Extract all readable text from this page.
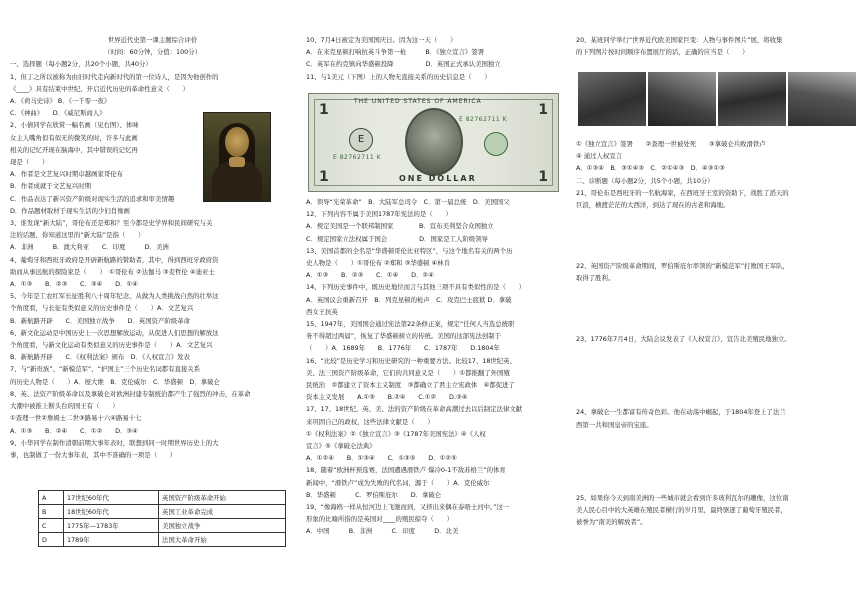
世界近代史第一课主题综合评价
（时间：60分钟，分值：100分）
一、选择题（每小题2分，共20个小题，共40分）
1、但丁之所以被称为由旧时代走向新时代的第一位诗人，是因为他创作的
《____》具有结束中世纪、开启近代历史的革命性意义（　　）
A．《荷马史诗》 B．《一千零一夜》
C．《神曲》　　D．《威尼斯商人》
2、小倩同学在欣赏一幅名画（见右图）、体味
女主人嘴角似有似无的微笑的时，许多与此画
相关的记忆开现在脑海中，其中错误的记忆再
现是（　　）
A．作者是文艺复兴时期卓越画家哥伦布
B．作者成就于文艺复兴时期
C．作品表达了新兴资产阶级对现实生活的追求和审美情趣
D．作品题材取材于现实生活的少妇肖像画
3、谁发现“新大陆”，哥伦布还是郑和？至今都是史学界和民间研究与关
注的话题，你知道这里的“新大陆”是指（　　）
A．非洲　　　B．澳大利亚　　C．印度　　　D．美洲
4、葡萄牙和西班牙政府是开辟新航路的赞助者，其中，得到西班牙政府资
助而从事远航的探险家是（　　）　①哥伦布 ②达伽马 ③麦哲伦 ④迪亚士
A．①③　　B．②③　　C．③④　　D．①④
5、今年是工农红军长征胜利八十周年纪念，从做为人类挑战自然的壮举这
个角度看，与长征有类似意义的历史事件是（　　）A．文艺复兴
B．新航路开辟　　C．美国独立战争　　D．英国资产阶级革命
6、新文化运动是中国历史上一次思想解放运动，从促进人们思想的解放这
个角度看，与新文化运动有类似意义的历史事件是（　　）A．文艺复兴
B．新航路开辟　　C．《权利法案》颁布　D．《人权宣言》发表
7、与“新贵族”、“新模范军”、“护国主”三个历史名词都有直接关系
的历史人物是（　　）A．屋大维　B．克伦威尔　C．华盛顿　D．拿破仑
8、英、法资产阶级革命以及拿破仑对欧洲封建专制统治都产生了强烈的冲击，在革命
大潮中被推上断头台的国王有（　　）
①查理一世②詹姆士二世③路易十六④路易十七
A．①③　　B．②④　　C．①②　　D．③④
9、小华同学在制作清朝前期大事年表时，联想到同一时期世界历史上的大
事，也制做了一份大事年表，其中不准确的一项是（　　）
A	17世纪60年代	英国资产阶级革命开始
B	18世纪60年代	英国工业革命完成
C	1775年—1783年	美国独立战争
D	1789年	法国大革命开始
10、7月4日被定为美国国庆日。因为这一天（　　）
A．在来克星顿打响抗英斗争第一枪　　　B．《独立宣言》签署
C．英军在约克镇向华盛顿投降　　　　　D．英国正式承认美国独立
11、与1美元（下图）上的人物无直接关系的历史信息是（　　）
THE UNITED STATES OF AMERICA
1	1
1	1
E 82762711 K
E 82762711 K
E
ONE DOLLAR
A．领导“光荣革命”　B．大陆军总司令　C．第一届总统　D．美国国父
12、下列内容不属于美国1787年宪法的是（　　）
A．规定美国是一个联邦制国家　　　　B．宣布美利坚合众国独立
C．规定国家立法权属于国会　　　　　D．国家是工人阶级领导
13、美国首都的全名是“华盛顿哥伦比亚特区”，与这个地名有关的两个历
史人物是（　　）①哥伦布 ②郑和 ③华盛顿 ④林肯
A．①③　　B．②③　　C．①④　　D．②④
14、下列历史事件中，既历史地位而言与其他三项不具有类似性的是（　　）
A．英国议会重新召开　B．列克星顿的枪声　C．攻克巴士底狱 D．拿破
西女王抗英
15、1947年，美国国会通过宪法第22条修正案，规定“任何人当选总统职
务不得超过两届”，恢复了华盛顿树立的传统。美国的这部宪法创制于
（　　）A．1689年　　B．1776年　　C．1787年　　D.1804年
16、“比较”是历史学习和历史研究的一种重要方法。比较17、18世纪英、
美、法三国资产阶级革命，它们的共同意义是（　　）①都推翻了外国殖
民统治　②都建立了资本主义制度　③都确立了君主立宪政体　④都促进了
资本主义发展　　A.①③　　B.②④　　C.①②　　D.③④
17、17、18世纪，英、美、法的资产阶级在革命高潮过去以后制定法律文献
来巩固自己的政权，这些法律文献是（　　）
①《权利法案》②《独立宣言》③《1787年美国宪法》④《人权
宣言》⑤《拿破仑法典》
A．①②④　　B．①③④　　C．①③⑤　　D．①②⑤
18、随着“欧洲杯预选赛，法国遭遇滑铁卢 爆冷0-1不敌苏格兰”的体育
新闻中，“滑铁卢”成为失败的代名词，源于（　　）A．克伦威尔
B．华盛顿　　　C．罗伯斯庇尔　　D．拿破仑
19、“像海鸥一样从恒河边上飞驰而到，又挤出来偶在泰晤士河中。”这一
形象的比喻所指的是英国对____的殖民掠夺（　　）
A．中国　　　B．非洲　　　C．印度　　　D．北美
20、某班同学举行“世界近代欧美国家巨变：人物与事件图片”展，将收集
的下列图片按时间顺序布置展厅的话，正确的应当是（　　）
①《独立宣言》签署　　②查理一世被处死　　③拿破仑兵败滑铁卢
④ 通过人权宣言
A．①③④　B．③①④③　C．②①④③　D．④③①③
二、诊断题（每小题2分，共5个小题，共10分）
21、哥伦布是西班牙的一名航海家，在西班牙王室的资助下，战胜了滔天的
巨浪，横渡茫茫的大西洋，到达了现在的古老和海地。

22、英国资产阶级革命期间，罗伯斯庇尔率领的“新模范军”打败国王军队，
取得了胜利。

23、1776年7月4日，大陆会议发表了《人权宣言》，宣告北美殖民地独立。

24、拿破仑一生都富有传奇色彩。他在动荡中崛起，于1804年登上了法兰
西第一共和国皇帝的宝座。

25、如果你今天到南美洲的一些城市就会看到许多玻利瓦尔的雕像，这位南
美人民心目中的大英雄在殖民者横行的岁月里，最终驱逐了葡萄牙殖民者，
被誉为“南美的解放者”。
